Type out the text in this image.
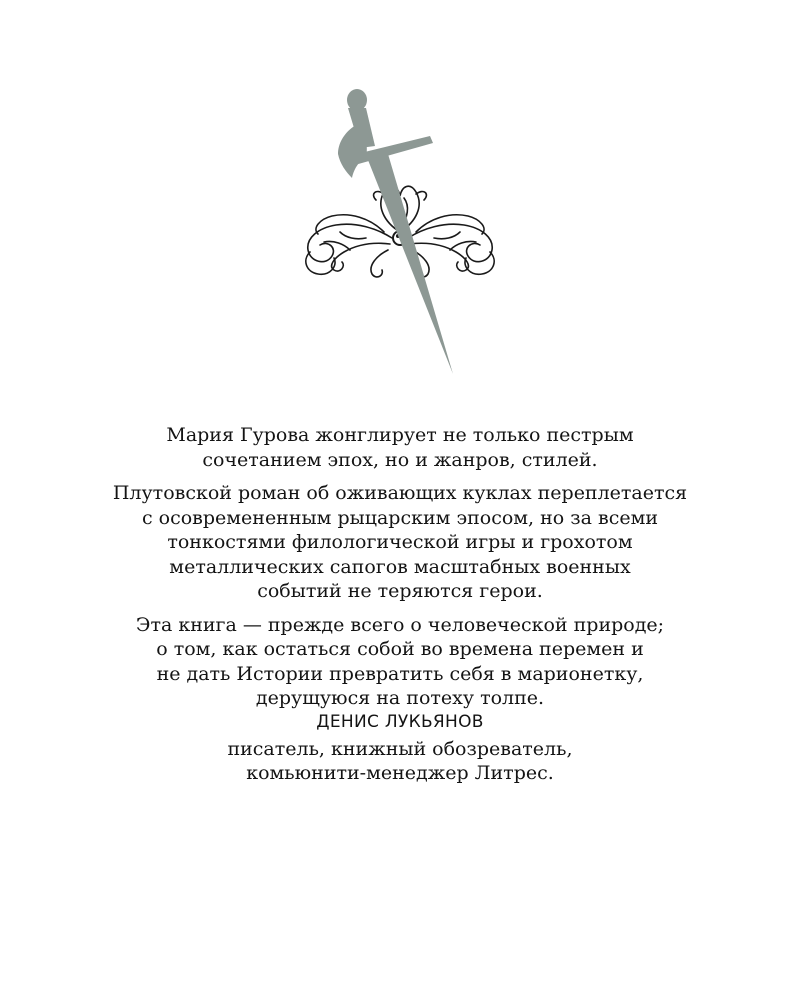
Мария Гурова жонглирует не только пестрым
сочетанием эпох, но и жанров, стилей.

Плутовской роман об оживающих куклах переплетается
с осовремененным рыцарским эпосом, но за всеми
тонкостями филологической игры и грохотом
металлических сапогов масштабных военных
событий не теряются герои.

Эта книга — прежде всего о человеческой природе;
о том, как остаться собой во времена перемен и
не дать Истории превратить себя в марионетку,
дерущуюся на потеху толпе.

ДЕНИС ЛУКЬЯНОВ
писатель, книжный обозреватель,
комьюнити-менеджер Литрес.
